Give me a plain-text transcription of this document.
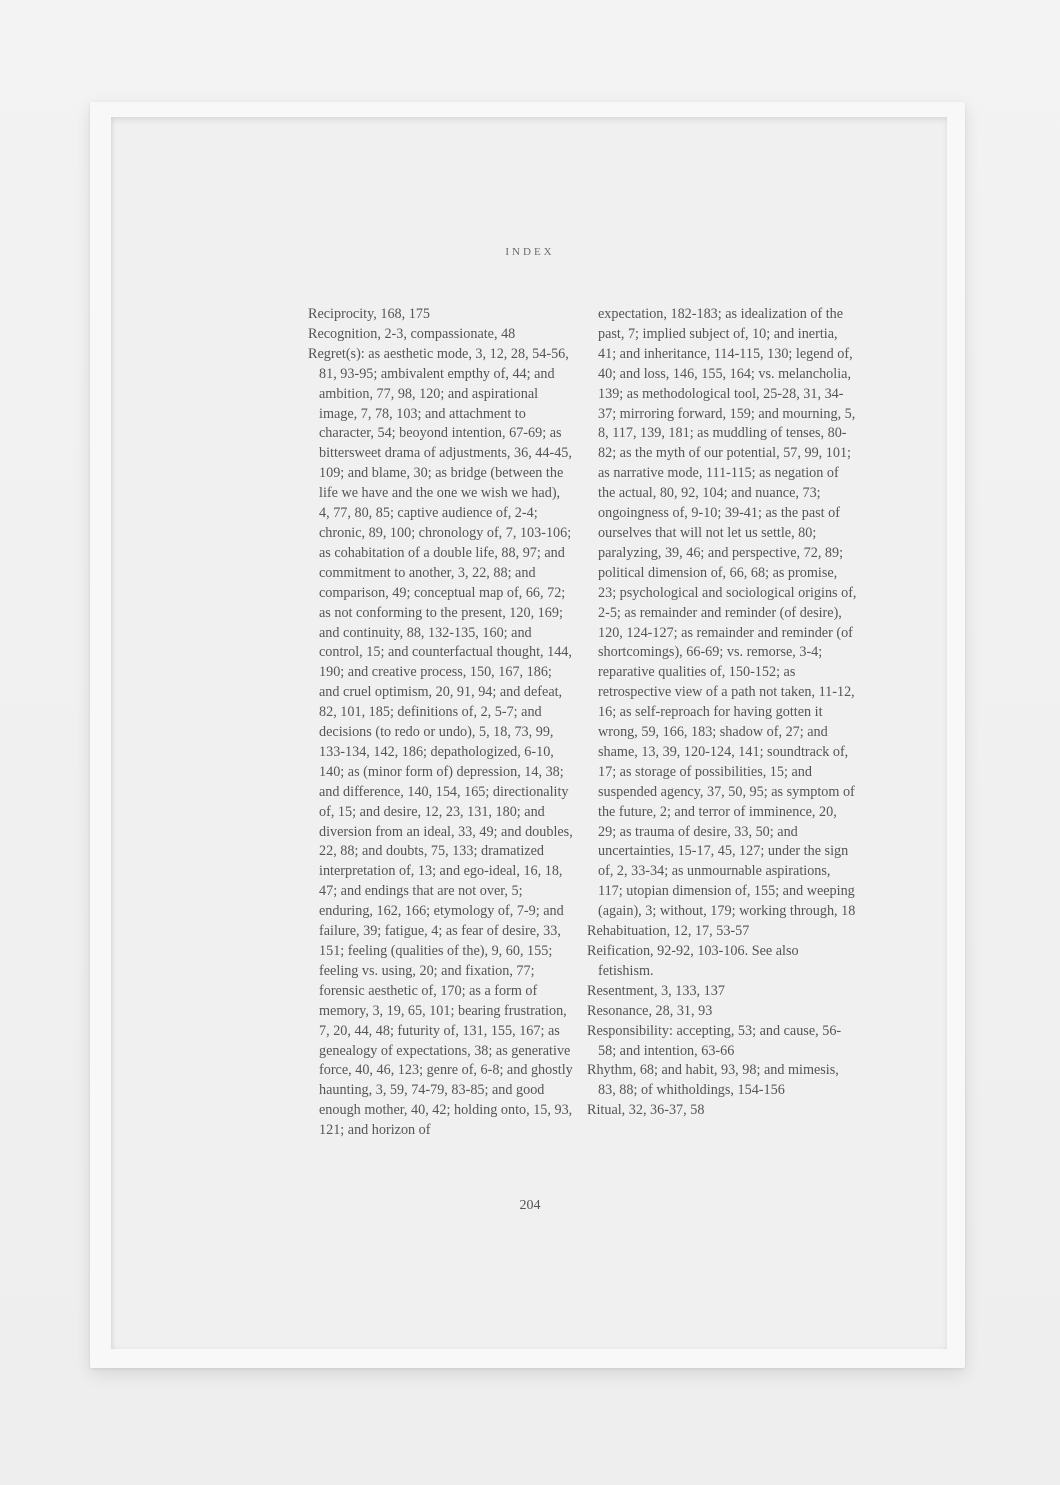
INDEX
Reciprocity, 168, 175
Recognition, 2-3, compassionate, 48
Regret(s): as aesthetic mode, 3, 12, 28, 54-56, 81, 93-95; ambivalent empthy of, 44; and ambition, 77, 98, 120; and aspirational image, 7, 78, 103; and attachment to character, 54; beoyond intention, 67-69; as bittersweet drama of adjustments, 36, 44-45, 109; and blame, 30; as bridge (between the life we have and the one we wish we had), 4, 77, 80, 85; captive audience of, 2-4; chronic, 89, 100; chronology of, 7, 103-106; as cohabitation of a double life, 88, 97; and commitment to another, 3, 22, 88; and comparison, 49; conceptual map of, 66, 72; as not conforming to the present, 120, 169; and continuity, 88, 132-135, 160; and control, 15; and counterfactual thought, 144, 190; and creative process, 150, 167, 186; and cruel optimism, 20, 91, 94; and defeat, 82, 101, 185; definitions of, 2, 5-7; and decisions (to redo or undo), 5, 18, 73, 99, 133-134, 142, 186; depathologized, 6-10, 140; as (minor form of) depression, 14, 38; and difference, 140, 154, 165; directionality of, 15; and desire, 12, 23, 131, 180; and diversion from an ideal, 33, 49; and doubles, 22, 88; and doubts, 75, 133; dramatized interpretation of, 13; and ego-ideal, 16, 18, 47; and endings that are not over, 5; enduring, 162, 166; etymology of, 7-9; and failure, 39; fatigue, 4; as fear of desire, 33, 151; feeling (qualities of the), 9, 60, 155; feeling vs. using, 20; and fixation, 77; forensic aesthetic of, 170; as a form of memory, 3, 19, 65, 101; bearing frustration, 7, 20, 44, 48; futurity of, 131, 155, 167; as genealogy of expectations, 38; as generative force, 40, 46, 123; genre of, 6-8; and ghostly haunting, 3, 59, 74-79, 83-85; and good enough mother, 40, 42; holding onto, 15, 93, 121; and horizon of
expectation, 182-183; as idealization of the past, 7; implied subject of, 10; and inertia, 41; and inheritance, 114-115, 130; legend of, 40; and loss, 146, 155, 164; vs. melancholia, 139; as methodological tool, 25-28, 31, 34-37; mirroring forward, 159; and mourning, 5, 8, 117, 139, 181; as muddling of tenses, 80-82; as the myth of our potential, 57, 99, 101; as narrative mode, 111-115; as negation of the actual, 80, 92, 104; and nuance, 73; ongoingness of, 9-10; 39-41; as the past of ourselves that will not let us settle, 80; paralyzing, 39, 46; and perspective, 72, 89; political dimension of, 66, 68; as promise, 23; psychological and sociological origins of, 2-5; as remainder and reminder (of desire), 120, 124-127; as remainder and reminder (of shortcomings), 66-69; vs. remorse, 3-4; reparative qualities of, 150-152; as retrospective view of a path not taken, 11-12, 16; as self-reproach for having gotten it wrong, 59, 166, 183; shadow of, 27; and shame, 13, 39, 120-124, 141; soundtrack of, 17; as storage of possibilities, 15; and suspended agency, 37, 50, 95; as symptom of the future, 2; and terror of imminence, 20, 29; as trauma of desire, 33, 50; and uncertainties, 15-17, 45, 127; under the sign of, 2, 33-34; as unmournable aspirations, 117; utopian dimension of, 155; and weeping (again), 3; without, 179; working through, 18
Rehabituation, 12, 17, 53-57
Reification, 92-92, 103-106. See also fetishism.
Resentment, 3, 133, 137
Resonance, 28, 31, 93
Responsibility: accepting, 53; and cause, 56-58; and intention, 63-66
Rhythm, 68; and habit, 93, 98; and mimesis, 83, 88; of whitholdings, 154-156
Ritual, 32, 36-37, 58
204
